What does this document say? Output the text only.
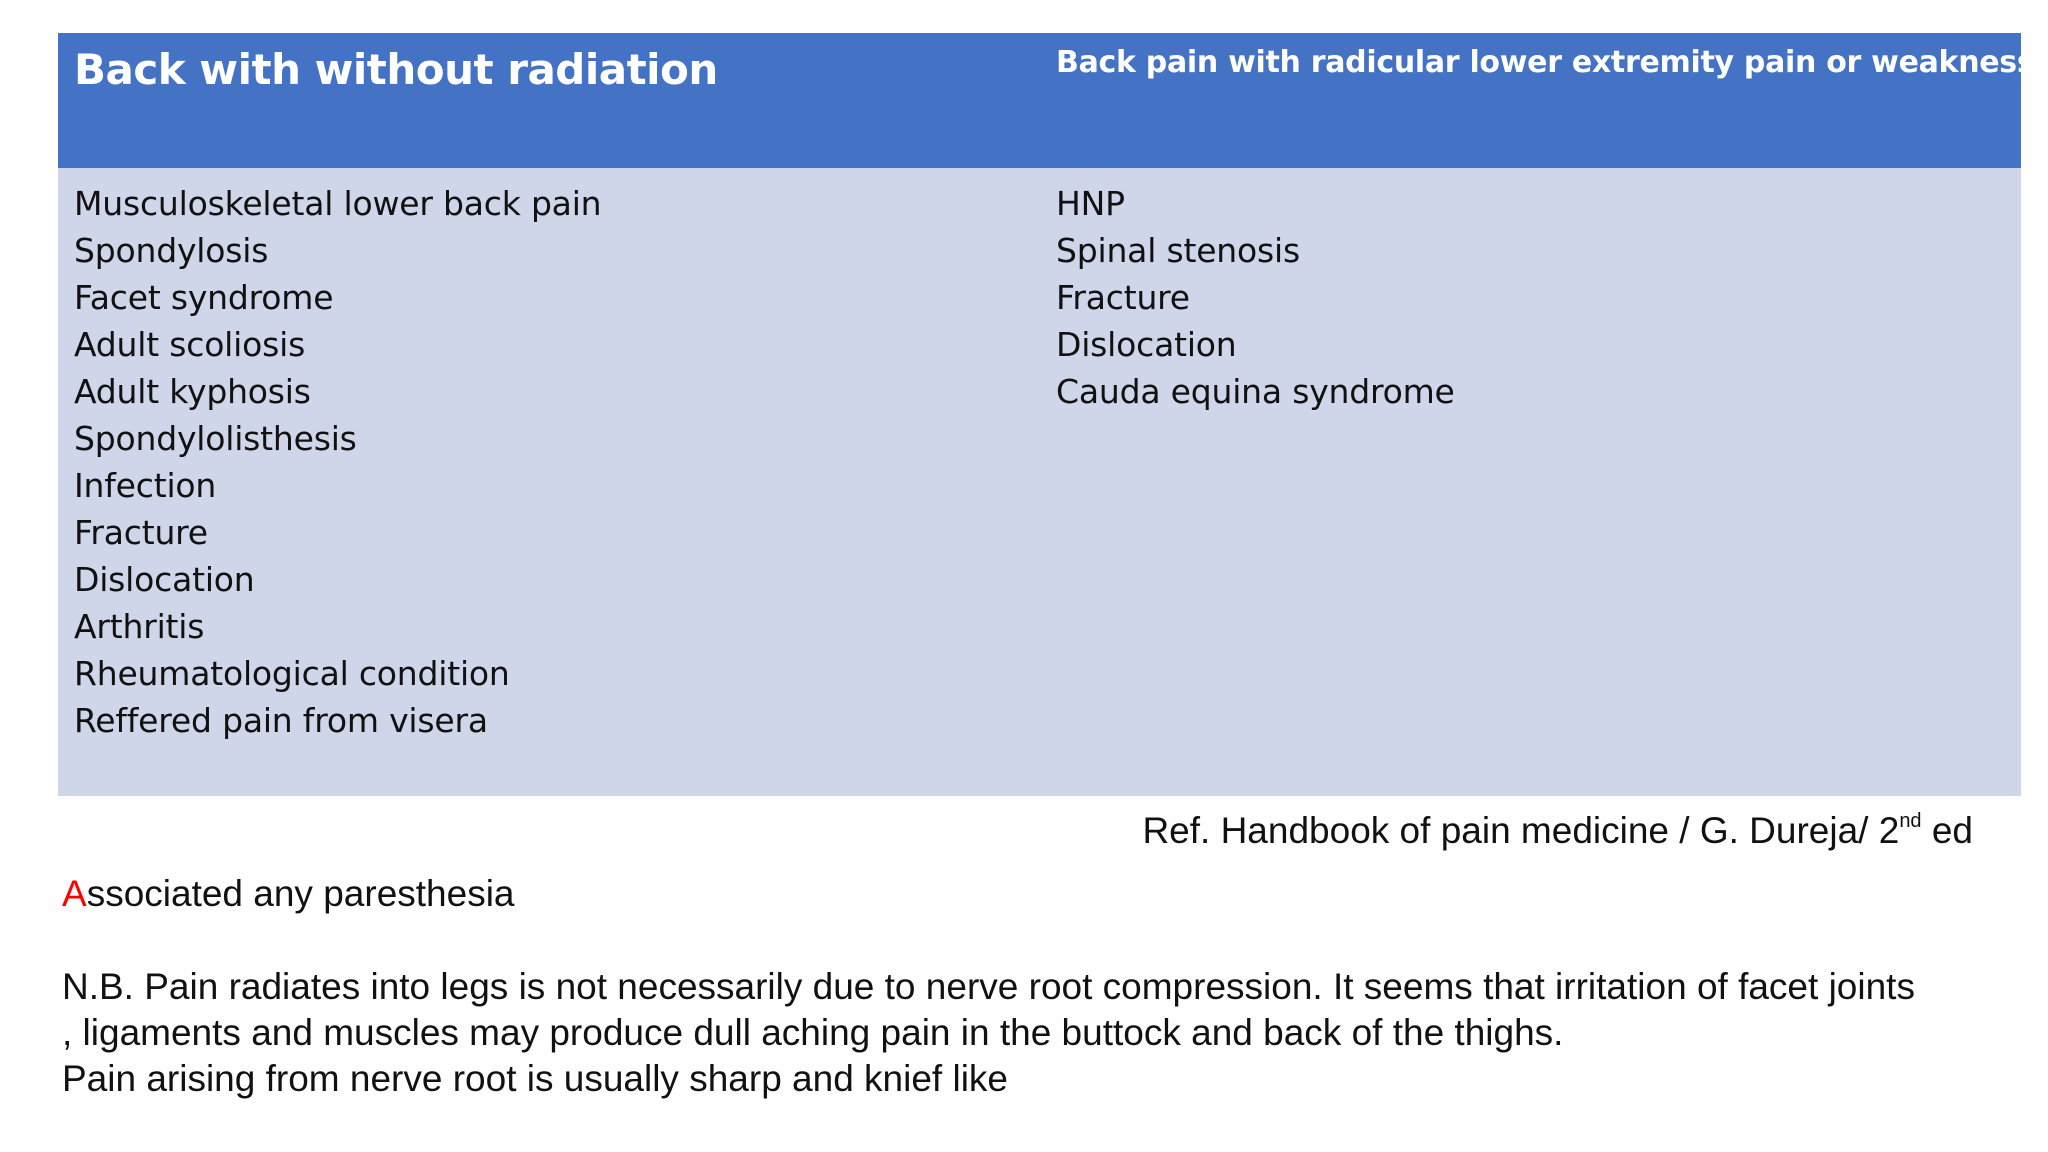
Back with without radiation	Back pain with radicular lower extremity pain or weakness
Musculoskeletal lower back pain
Spondylosis
Facet syndrome
Adult scoliosis
Adult kyphosis
Spondylolisthesis
Infection
Fracture
Dislocation
Arthritis
Rheumatological condition
Reffered pain from visera
HNP
Spinal stenosis
Fracture
Dislocation
Cauda equina syndrome
Ref. Handbook of pain medicine / G. Dureja/ 2nd ed
Associated any paresthesia
N.B. Pain radiates into legs is not necessarily due to nerve root compression. It seems that irritation of facet joints
, ligaments and muscles may produce dull aching pain in the buttock and back of the thighs.
Pain arising from nerve root is usually sharp and knief like
